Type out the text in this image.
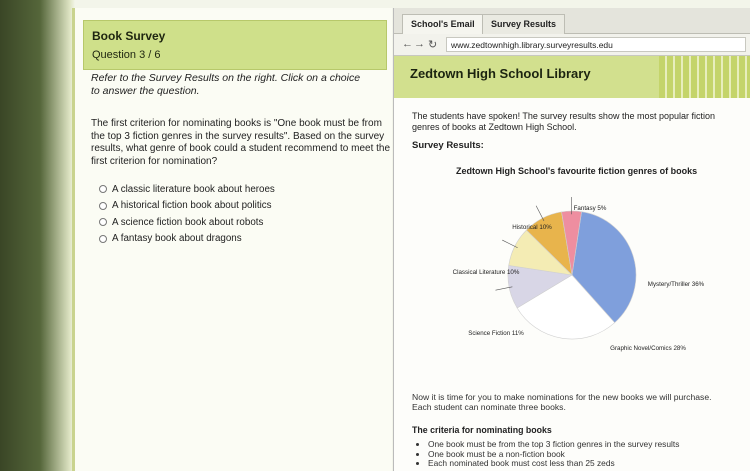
Book Survey
Question 3 / 6
Refer to the Survey Results on the right. Click on a choice to answer the question.
The first criterion for nominating books is "One book must be from the top 3 fiction genres in the survey results". Based on the survey results, what genre of book could a student recommend to meet the first criterion for nomination?
A classic literature book about heroes
A historical fiction book about politics
A science fiction book about robots
A fantasy book about dragons
School's Email	Survey Results
← → ↻	www.zedtownhigh.library.surveyresults.edu
Zedtown High School Library
The students have spoken! The survey results show the most popular fiction genres of books at Zedtown High School.
Survey Results:
Zedtown High School's favourite fiction genres of books
Mystery/Thriller 36%
Graphic Novel/Comics 28%
Science Fiction 11%
Classical Literature 10%
Historical 10%
Fantasy 5%
Now it is time for you to make nominations for the new books we will purchase.
Each student can nominate three books.
The criteria for nominating books
• One book must be from the top 3 fiction genres in the survey results
• One book must be a non-fiction book
• Each nominated book must cost less than 25 zeds
